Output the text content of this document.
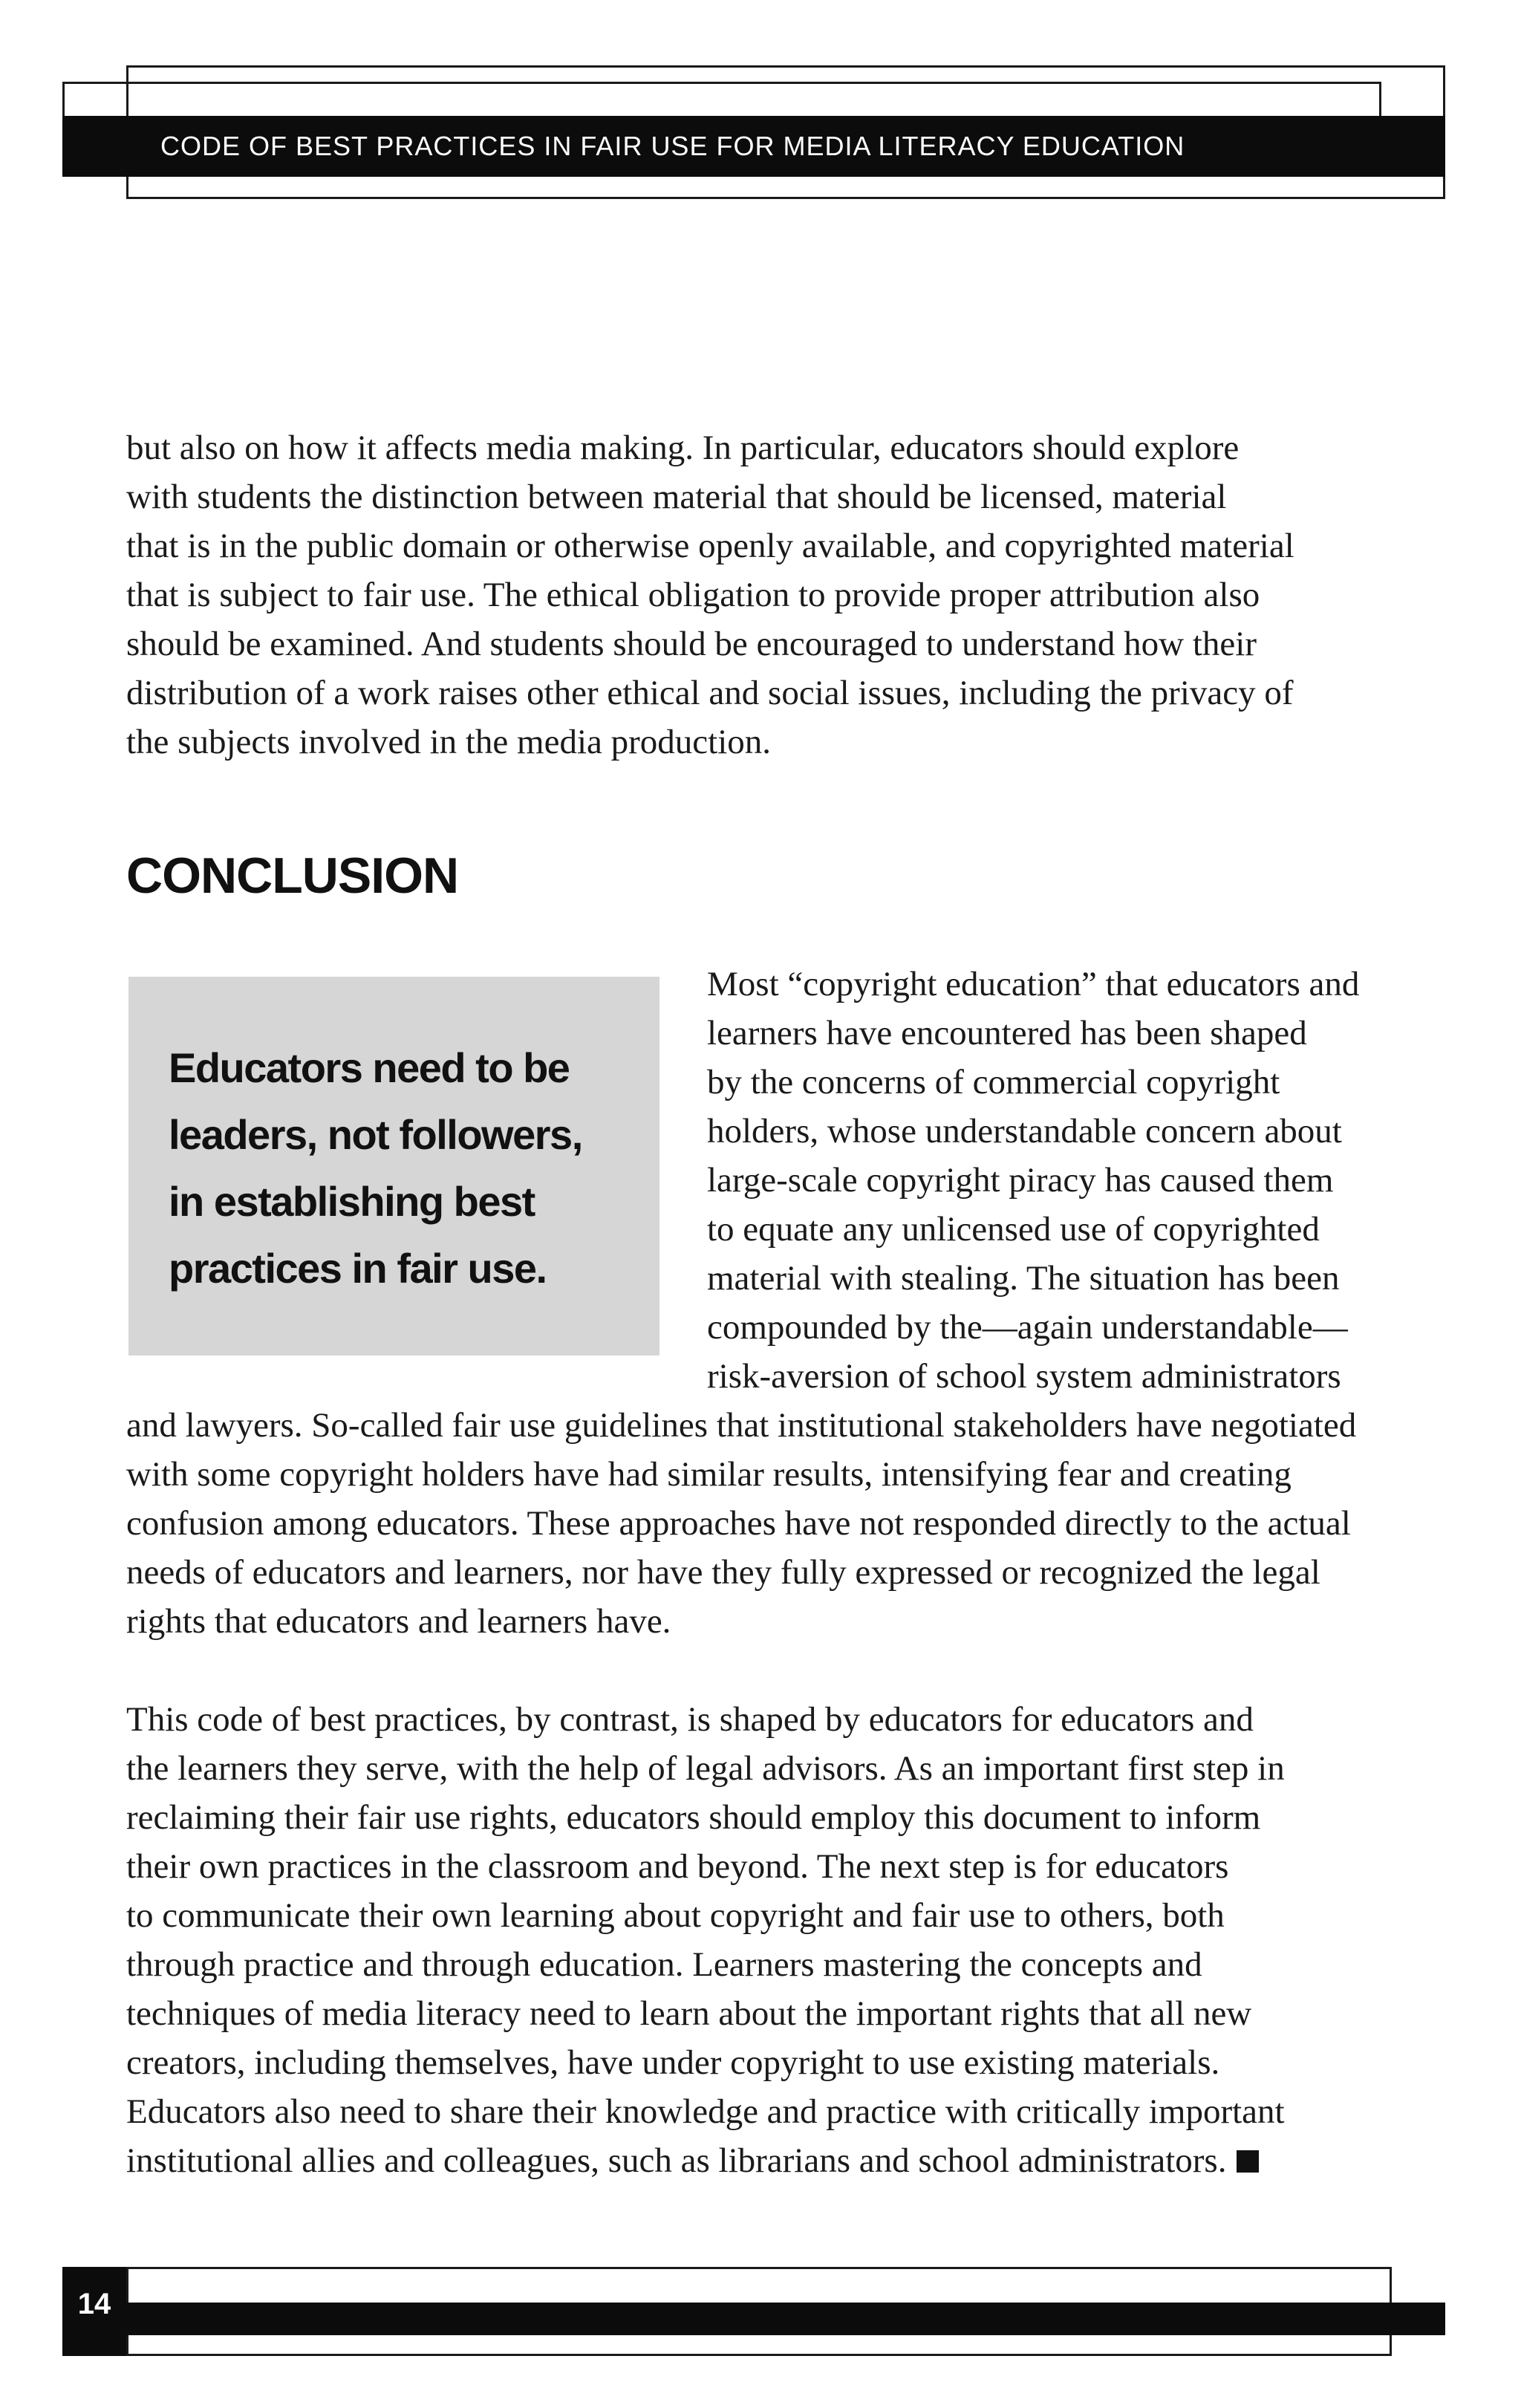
CODE OF BEST PRACTICES IN FAIR USE FOR MEDIA LITERACY EDUCATION
but also on how it affects media making. In particular, educators should explore
with students the distinction between material that should be licensed, material
that is in the public domain or otherwise openly available, and copyrighted material
that is subject to fair use. The ethical obligation to provide proper attribution also
should be examined. And students should be encouraged to understand how their
distribution of a work raises other ethical and social issues, including the privacy of
the subjects involved in the media production.
CONCLUSION

Educators need to be
leaders, not followers,
in establishing best
practices in fair use.

Most “copyright education” that educators and
learners have encountered has been shaped
by the concerns of commercial copyright
holders, whose understandable concern about
large-scale copyright piracy has caused them
to equate any unlicensed use of copyrighted
material with stealing. The situation has been
compounded by the—again understandable—
risk-aversion of school system administrators
and lawyers. So-called fair use guidelines that institutional stakeholders have negotiated
with some copyright holders have had similar results, intensifying fear and creating
confusion among educators. These approaches have not responded directly to the actual
needs of educators and learners, nor have they fully expressed or recognized the legal
rights that educators and learners have.
This code of best practices, by contrast, is shaped by educators for educators and
the learners they serve, with the help of legal advisors. As an important first step in
reclaiming their fair use rights, educators should employ this document to inform
their own practices in the classroom and beyond. The next step is for educators
to communicate their own learning about copyright and fair use to others, both
through practice and through education. Learners mastering the concepts and
techniques of media literacy need to learn about the important rights that all new
creators, including themselves, have under copyright to use existing materials.
Educators also need to share their knowledge and practice with critically important
institutional allies and colleagues, such as librarians and school administrators.

14
